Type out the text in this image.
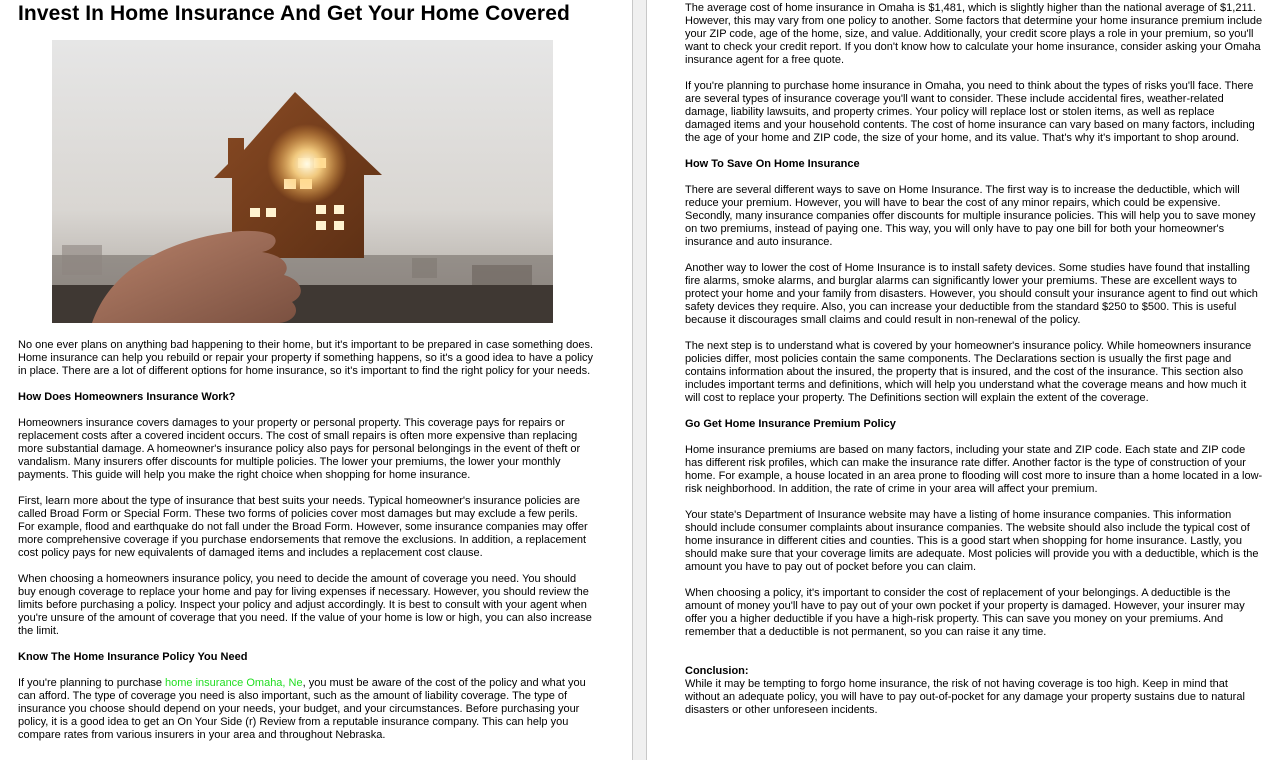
Invest In Home Insurance And Get Your Home Covered

No one ever plans on anything bad happening to their home, but it's important to be prepared in case something does. Home insurance can help you rebuild or repair your property if something happens, so it's a good idea to have a policy in place. There are a lot of different options for home insurance, so it's important to find the right policy for your needs.

How Does Homeowners Insurance Work?

Homeowners insurance covers damages to your property or personal property. This coverage pays for repairs or replacement costs after a covered incident occurs. The cost of small repairs is often more expensive than replacing more substantial damage. A homeowner's insurance policy also pays for personal belongings in the event of theft or vandalism. Many insurers offer discounts for multiple policies. The lower your premiums, the lower your monthly payments. This guide will help you make the right choice when shopping for home insurance.

First, learn more about the type of insurance that best suits your needs. Typical homeowner's insurance policies are called Broad Form or Special Form. These two forms of policies cover most damages but may exclude a few perils. For example, flood and earthquake do not fall under the Broad Form. However, some insurance companies may offer more comprehensive coverage if you purchase endorsements that remove the exclusions. In addition, a replacement cost policy pays for new equivalents of damaged items and includes a replacement cost clause.

When choosing a homeowners insurance policy, you need to decide the amount of coverage you need. You should buy enough coverage to replace your home and pay for living expenses if necessary. However, you should review the limits before purchasing a policy. Inspect your policy and adjust accordingly. It is best to consult with your agent when you're unsure of the amount of coverage that you need. If the value of your home is low or high, you can also increase the limit.

Know The Home Insurance Policy You Need

If you're planning to purchase home insurance Omaha, Ne, you must be aware of the cost of the policy and what you can afford. The type of coverage you need is also important, such as the amount of liability coverage. The type of insurance you choose should depend on your needs, your budget, and your circumstances. Before purchasing your policy, it is a good idea to get an On Your Side (r) Review from a reputable insurance company. This can help you compare rates from various insurers in your area and throughout Nebraska.

The average cost of home insurance in Omaha is $1,481, which is slightly higher than the national average of $1,211. However, this may vary from one policy to another. Some factors that determine your home insurance premium include your ZIP code, age of the home, size, and value. Additionally, your credit score plays a role in your premium, so you'll want to check your credit report. If you don't know how to calculate your home insurance, consider asking your Omaha insurance agent for a free quote.

If you're planning to purchase home insurance in Omaha, you need to think about the types of risks you'll face. There are several types of insurance coverage you'll want to consider. These include accidental fires, weather-related damage, liability lawsuits, and property crimes. Your policy will replace lost or stolen items, as well as replace damaged items and your household contents. The cost of home insurance can vary based on many factors, including the age of your home and ZIP code, the size of your home, and its value. That's why it's important to shop around.

How To Save On Home Insurance

There are several different ways to save on Home Insurance. The first way is to increase the deductible, which will reduce your premium. However, you will have to bear the cost of any minor repairs, which could be expensive. Secondly, many insurance companies offer discounts for multiple insurance policies. This will help you to save money on two premiums, instead of paying one. This way, you will only have to pay one bill for both your homeowner's insurance and auto insurance.

Another way to lower the cost of Home Insurance is to install safety devices. Some studies have found that installing fire alarms, smoke alarms, and burglar alarms can significantly lower your premiums. These are excellent ways to protect your home and your family from disasters. However, you should consult your insurance agent to find out which safety devices they require. Also, you can increase your deductible from the standard $250 to $500. This is useful because it discourages small claims and could result in non-renewal of the policy.

The next step is to understand what is covered by your homeowner's insurance policy. While homeowners insurance policies differ, most policies contain the same components. The Declarations section is usually the first page and contains information about the insured, the property that is insured, and the cost of the insurance. This section also includes important terms and definitions, which will help you understand what the coverage means and how much it will cost to replace your property. The Definitions section will explain the extent of the coverage.

Go Get Home Insurance Premium Policy

Home insurance premiums are based on many factors, including your state and ZIP code. Each state and ZIP code has different risk profiles, which can make the insurance rate differ. Another factor is the type of construction of your home. For example, a house located in an area prone to flooding will cost more to insure than a home located in a low-risk neighborhood. In addition, the rate of crime in your area will affect your premium.

Your state's Department of Insurance website may have a listing of home insurance companies. This information should include consumer complaints about insurance companies. The website should also include the typical cost of home insurance in different cities and counties. This is a good start when shopping for home insurance. Lastly, you should make sure that your coverage limits are adequate. Most policies will provide you with a deductible, which is the amount you have to pay out of pocket before you can claim.

When choosing a policy, it's important to consider the cost of replacement of your belongings. A deductible is the amount of money you'll have to pay out of your own pocket if your property is damaged. However, your insurer may offer you a higher deductible if you have a high-risk property. This can save you money on your premiums. And remember that a deductible is not permanent, so you can raise it any time.

Conclusion:

While it may be tempting to forgo home insurance, the risk of not having coverage is too high. Keep in mind that without an adequate policy, you will have to pay out-of-pocket for any damage your property sustains due to natural disasters or other unforeseen incidents.
